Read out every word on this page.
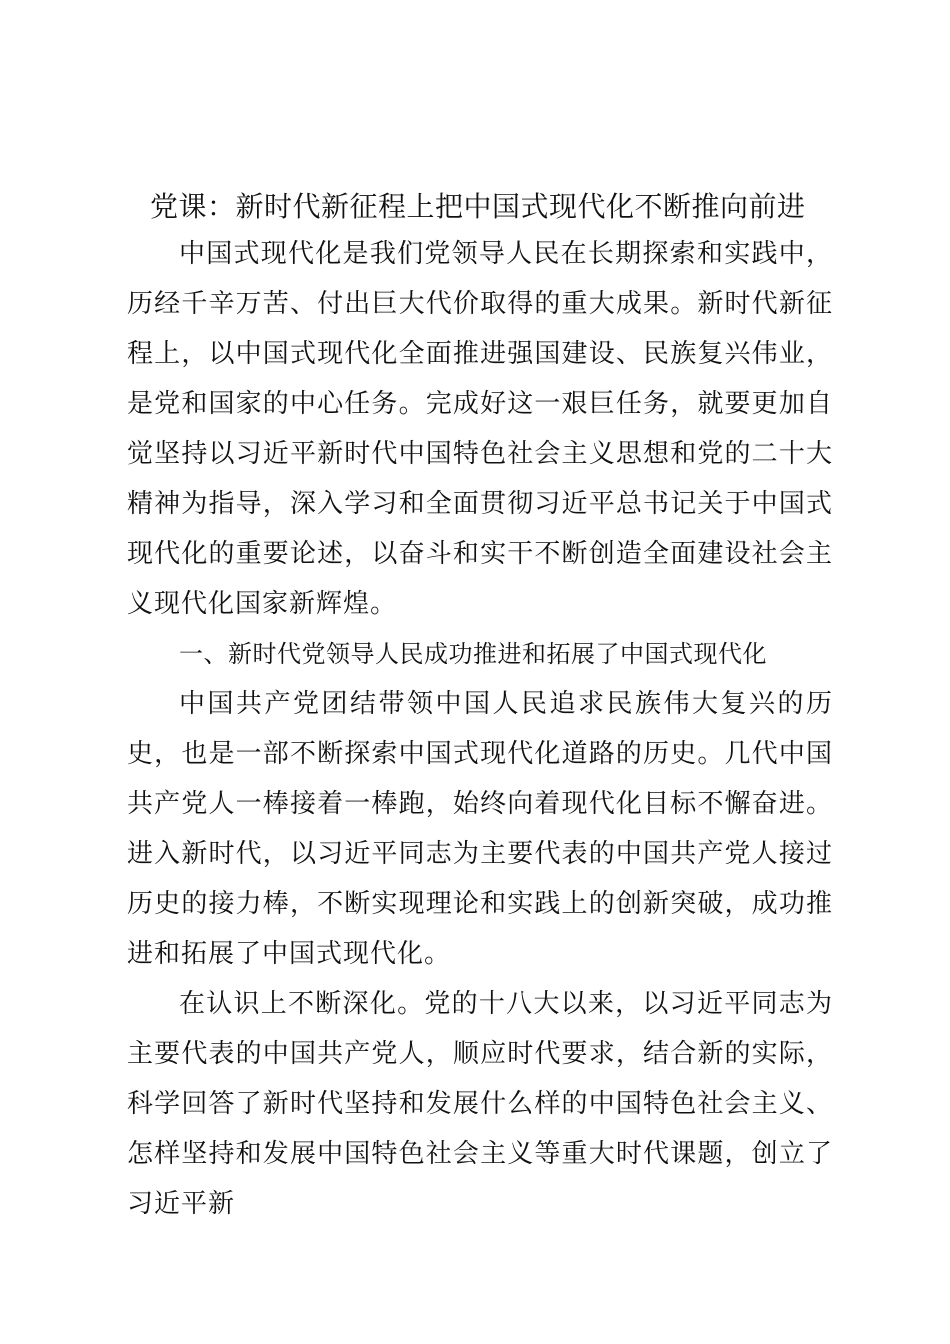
党课：新时代新征程上把中国式现代化不断推向前进

中国式现代化是我们党领导人民在长期探索和实践中，历经千辛万苦、付出巨大代价取得的重大成果。新时代新征程上，以中国式现代化全面推进强国建设、民族复兴伟业，是党和国家的中心任务。完成好这一艰巨任务，就要更加自觉坚持以习近平新时代中国特色社会主义思想和党的二十大精神为指导，深入学习和全面贯彻习近平总书记关于中国式现代化的重要论述，以奋斗和实干不断创造全面建设社会主义现代化国家新辉煌。

一、新时代党领导人民成功推进和拓展了中国式现代化

中国共产党团结带领中国人民追求民族伟大复兴的历史，也是一部不断探索中国式现代化道路的历史。几代中国共产党人一棒接着一棒跑，始终向着现代化目标不懈奋进。进入新时代，以习近平同志为主要代表的中国共产党人接过历史的接力棒，不断实现理论和实践上的创新突破，成功推进和拓展了中国式现代化。

在认识上不断深化。党的十八大以来，以习近平同志为主要代表的中国共产党人，顺应时代要求，结合新的实际，科学回答了新时代坚持和发展什么样的中国特色社会主义、怎样坚持和发展中国特色社会主义等重大时代课题，创立了习近平新
